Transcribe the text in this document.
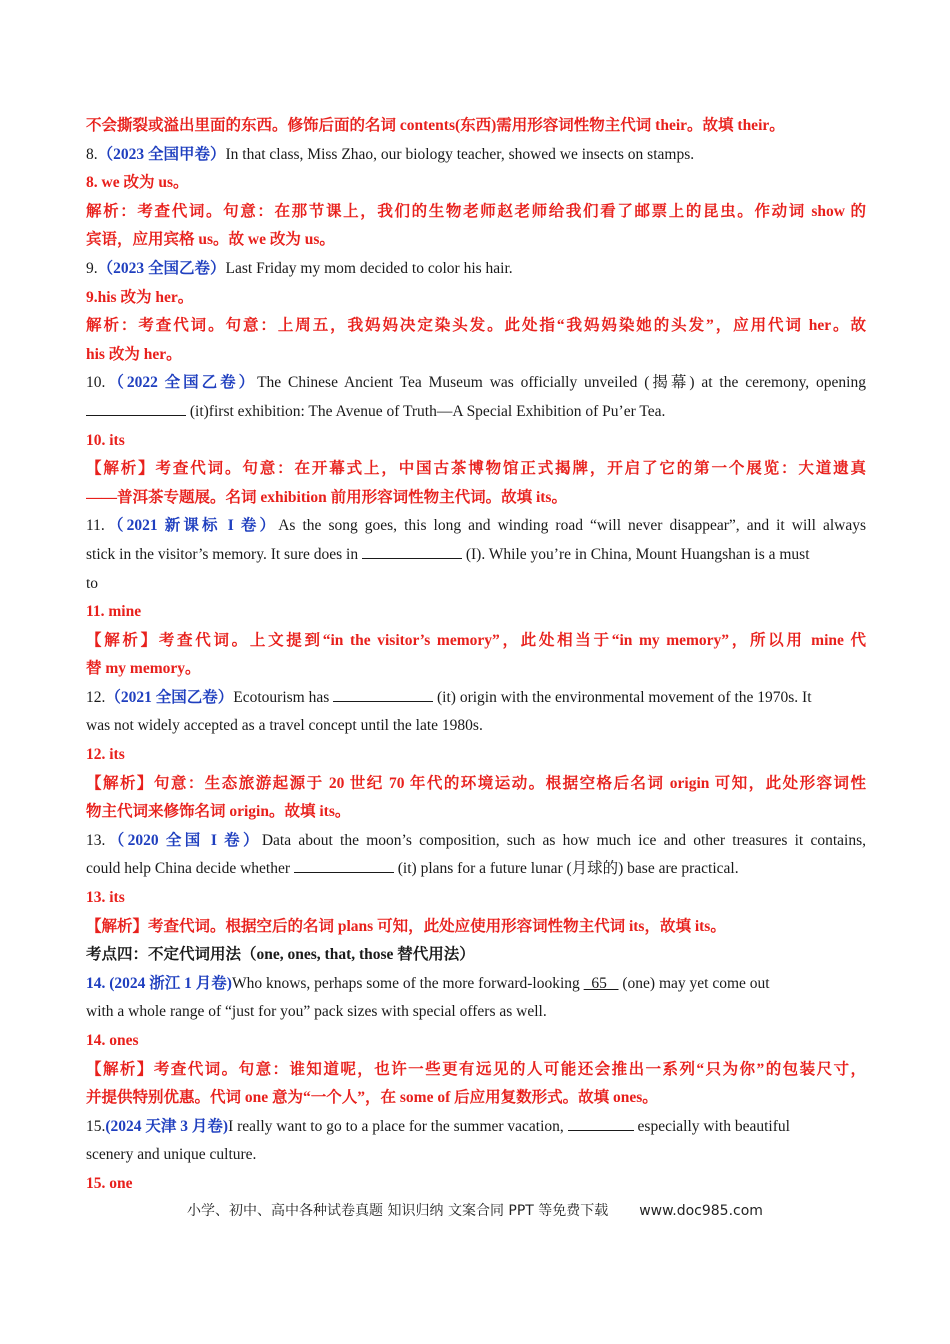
不会撕裂或溢出里面的东西。修饰后面的名词 contents(东西)需用形容词性物主代词 their。故填 their。
8.（2023 全国甲卷）In that class, Miss Zhao, our biology teacher, showed we insects on stamps.
8. we 改为 us。
解析：考查代词。句意：在那节课上，我们的生物老师赵老师给我们看了邮票上的昆虫。作动词 show 的
宾语，应用宾格 us。故 we 改为 us。
9.（2023 全国乙卷）Last Friday my mom decided to color his hair.
9.his 改为 her。
解析：考查代词。句意：上周五，我妈妈决定染头发。此处指“我妈妈染她的头发”，应用代词 her。故
his 改为 her。
10.（2022 全国乙卷）The Chinese Ancient Tea Museum was officially unveiled (揭幕) at the ceremony, opening
(it)first exhibition: The Avenue of Truth—A Special Exhibition of Pu’er Tea.
10. its
【解析】考查代词。句意：在开幕式上，中国古茶博物馆正式揭牌，开启了它的第一个展览：大道遗真
——普洱茶专题展。名词 exhibition 前用形容词性物主代词。故填 its。
11.（2021 新课标 I 卷）As the song goes, this long and winding road “will never disappear”, and it will always
stick in the visitor’s memory. It sure does in	(I). While you’re in China, Mount Huangshan is a must
to
11. mine
【解析】考查代词。上文提到“in the visitor’s memory”，此处相当于“in my memory”，所以用 mine 代
替 my memory。
12.（2021 全国乙卷）Ecotourism has	(it) origin with the environmental movement of the 1970s. It
was not widely accepted as a travel concept until the late 1980s.
12. its
【解析】句意：生态旅游起源于 20 世纪 70 年代的环境运动。根据空格后名词 origin 可知，此处形容词性
物主代词来修饰名词 origin。故填 its。
13.（2020 全国 I 卷）Data about the moon’s composition, such as how much ice and other treasures it contains,
could help China decide whether	(it) plans for a future lunar (月球的) base are practical.
13. its
【解析】考查代词。根据空后的名词 plans 可知，此处应使用形容词性物主代词 its，故填 its。
考点四：不定代词用法（one, ones, that, those 替代用法）
14. (2024 浙江 1 月卷)Who knows, perhaps some of the more forward-looking   65    (one) may yet come out
with a whole range of “just for you” pack sizes with special offers as well.
14. ones
【解析】考查代词。句意：谁知道呢，也许一些更有远见的人可能还会推出一系列“只为你”的包装尺寸，
并提供特别优惠。代词 one 意为“一个人”，在 some of 后应用复数形式。故填 ones。
15.(2024 天津 3 月卷)I really want to go to a place for the summer vacation,	especially with beautiful
scenery and unique culture.
15. one
小学、初中、高中各种试卷真题 知识归纳 文案合同 PPT 等免费下载 www.doc985.com
